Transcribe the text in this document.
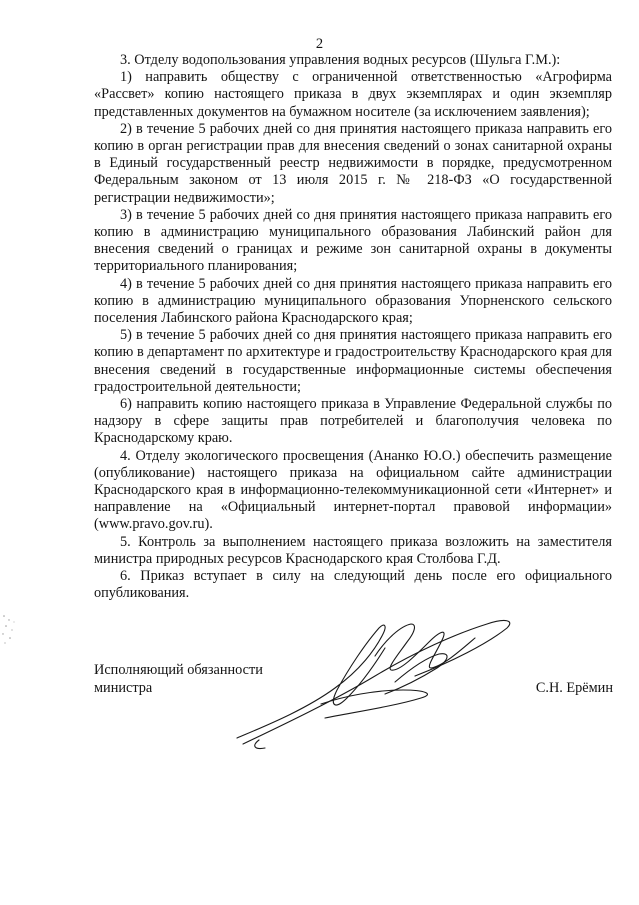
2

3. Отделу водопользования управления водных ресурсов (Шульга Г.М.):

1) направить обществу с ограниченной ответственностью «Агрофирма «Рассвет» копию настоящего приказа в двух экземплярах и один экземпляр представленных документов на бумажном носителе (за исключением заявления);

2) в течение 5 рабочих дней со дня принятия настоящего приказа направить его копию в орган регистрации прав для внесения сведений о зонах санитарной охраны в Единый государственный реестр недвижимости в порядке, предусмотренном Федеральным законом от 13 июля 2015 г. № 218-ФЗ «О государственной регистрации недвижимости»;

3) в течение 5 рабочих дней со дня принятия настоящего приказа направить его копию в администрацию муниципального образования Лабинский район для внесения сведений о границах и режиме зон санитарной охраны в документы территориального планирования;

4) в течение 5 рабочих дней со дня принятия настоящего приказа направить его копию в администрацию муниципального образования Упорненского сельского поселения Лабинского района Краснодарского края;

5) в течение 5 рабочих дней со дня принятия настоящего приказа направить его копию в департамент по архитектуре и градостроительству Краснодарского края для внесения сведений в государственные информационные системы обеспечения градостроительной деятельности;

6) направить копию настоящего приказа в Управление Федеральной службы по надзору в сфере защиты прав потребителей и благополучия человека по Краснодарскому краю.

4. Отделу экологического просвещения (Ананко Ю.О.) обеспечить размещение (опубликование) настоящего приказа на официальном сайте администрации Краснодарского края в информационно-телекоммуникационной сети «Интернет» и направление на «Официальный интернет-портал правовой информации» (www.pravo.gov.ru).

5. Контроль за выполнением настоящего приказа возложить на заместителя министра природных ресурсов Краснодарского края Столбова Г.Д.

6. Приказ вступает в силу на следующий день после его официального опубликования.

Исполняющий обязанности
министра	С.Н. Ерёмин
